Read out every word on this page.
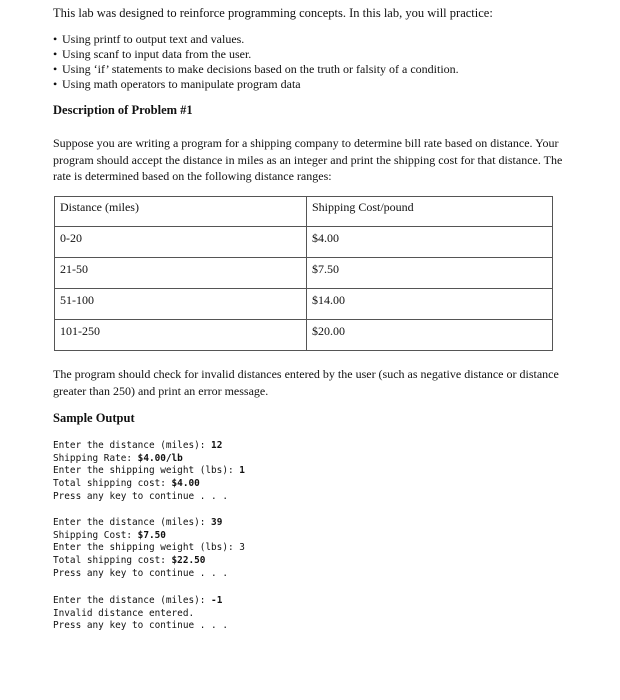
This lab was designed to reinforce programming concepts. In this lab, you will practice:
• Using printf to output text and values.
• Using scanf to input data from the user.
• Using ‘if’ statements to make decisions based on the truth or falsity of a condition.
• Using math operators to manipulate program data
Description of Problem #1
Suppose you are writing a program for a shipping company to determine bill rate based on distance. Your program should accept the distance in miles as an integer and print the shipping cost for that distance. The rate is determined based on the following distance ranges:
Distance (miles)	Shipping Cost/pound
0-20	$4.00
21-50	$7.50
51-100	$14.00
101-250	$20.00
The program should check for invalid distances entered by the user (such as negative distance or distance greater than 250) and print an error message.
Sample Output
Enter the distance (miles): 12
Shipping Rate: $4.00/lb
Enter the shipping weight (lbs): 1
Total shipping cost: $4.00
Press any key to continue . . .
Enter the distance (miles): 39
Shipping Cost: $7.50
Enter the shipping weight (lbs): 3
Total shipping cost: $22.50
Press any key to continue . . .
Enter the distance (miles): -1
Invalid distance entered.
Press any key to continue . . .
